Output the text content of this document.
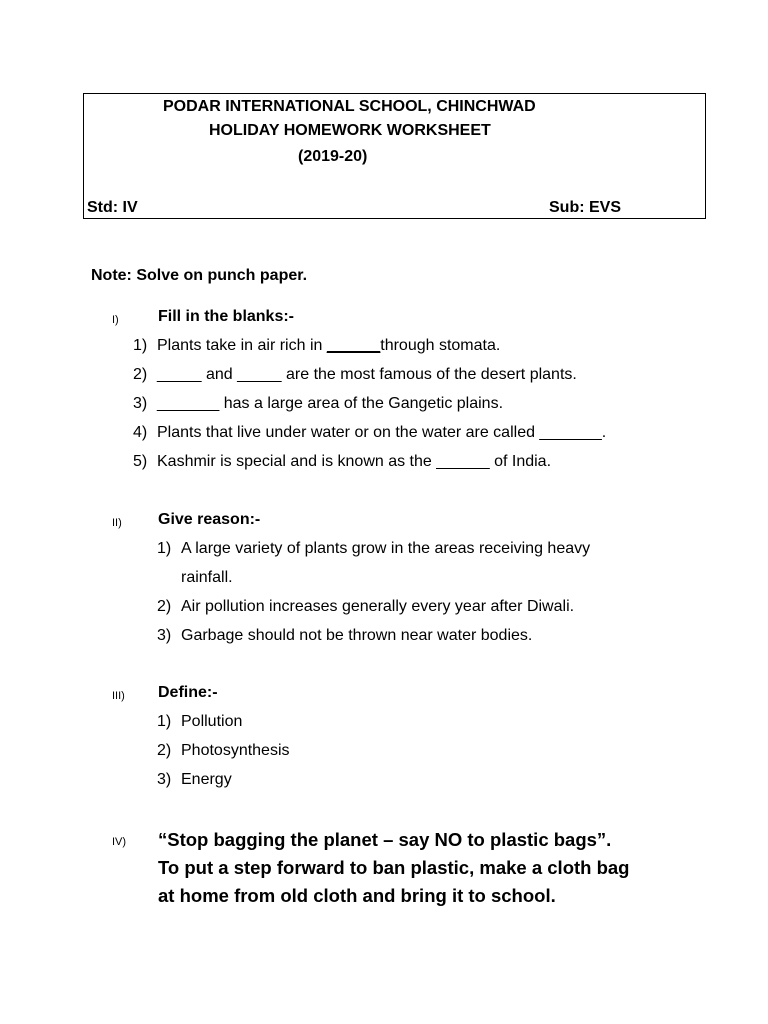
PODAR INTERNATIONAL SCHOOL, CHINCHWAD
HOLIDAY HOMEWORK WORKSHEET
(2019-20)
Std: IV	Sub: EVS
Note: Solve on punch paper.
I) Fill in the blanks:-
1) Plants take in air rich in ______through stomata.
2) _____ and _____ are the most famous of the desert plants.
3) _______ has a large area of the Gangetic plains.
4) Plants that live under water or on the water are called _______.
5) Kashmir is special and is known as the ______ of India.
II) Give reason:-
1) A large variety of plants grow in the areas receiving heavy
rainfall.
2) Air pollution increases generally every year after Diwali.
3) Garbage should not be thrown near water bodies.
III) Define:-
1) Pollution
2) Photosynthesis
3) Energy
IV) “Stop bagging the planet – say NO to plastic bags”.
To put a step forward to ban plastic, make a cloth bag
at home from old cloth and bring it to school.
